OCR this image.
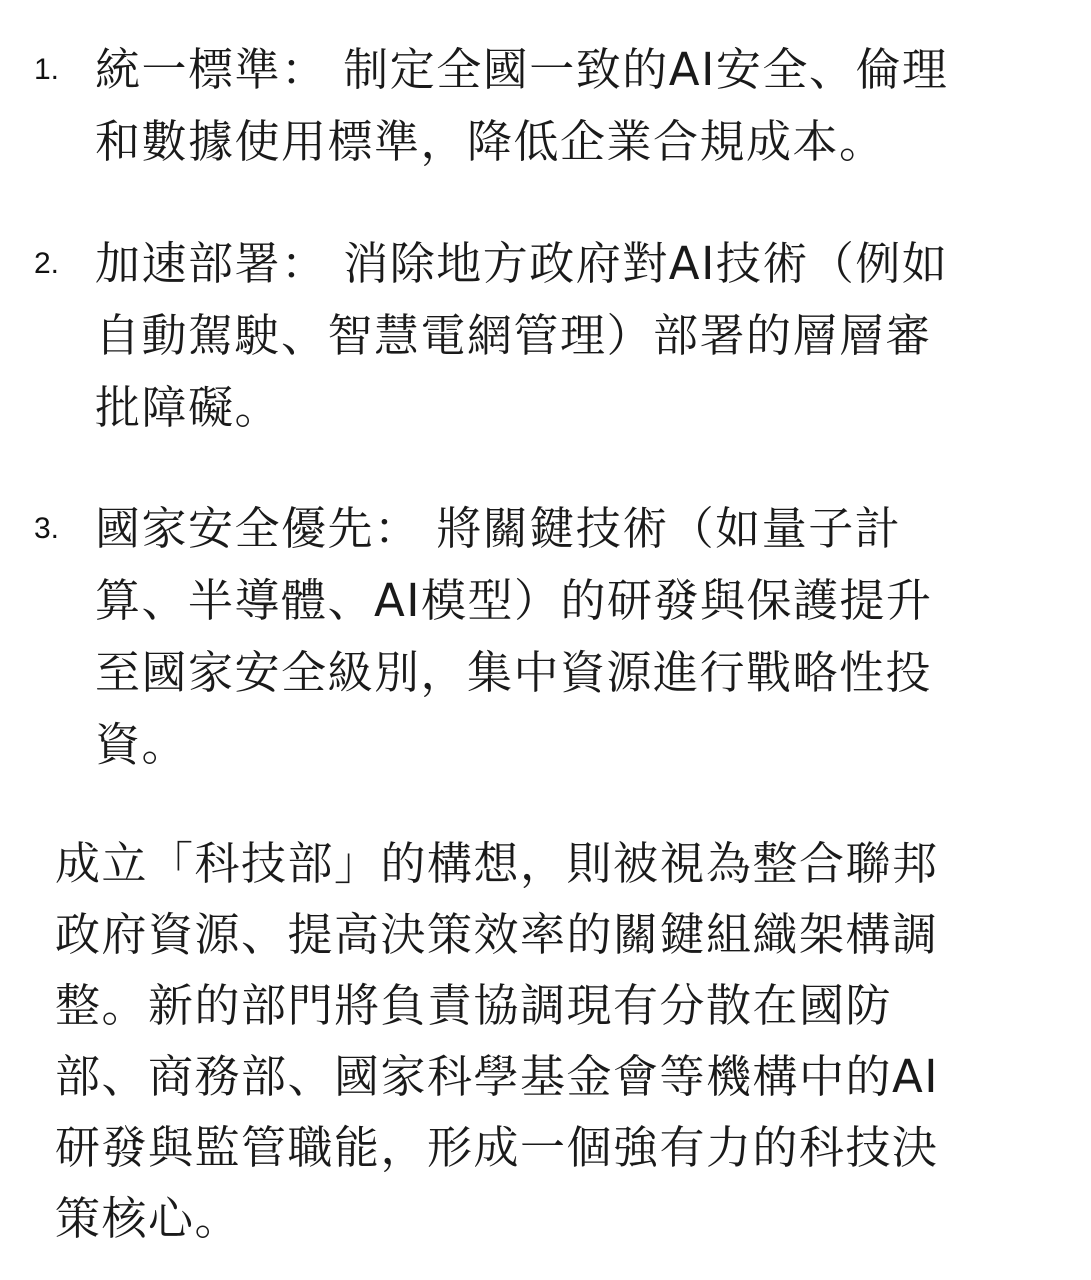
1. 統一標準： 制定全國一致的AI安全、倫理
和數據使用標準，降低企業合規成本。
2. 加速部署： 消除地方政府對AI技術（例如
自動駕駛、智慧電網管理）部署的層層審
批障礙。
3. 國家安全優先： 將關鍵技術（如量子計
算、半導體、AI模型）的研發與保護提升
至國家安全級別，集中資源進行戰略性投
資。
成立「科技部」的構想，則被視為整合聯邦
政府資源、提高決策效率的關鍵組織架構調
整。新的部門將負責協調現有分散在國防
部、商務部、國家科學基金會等機構中的AI
研發與監管職能，形成一個強有力的科技決
策核心。
